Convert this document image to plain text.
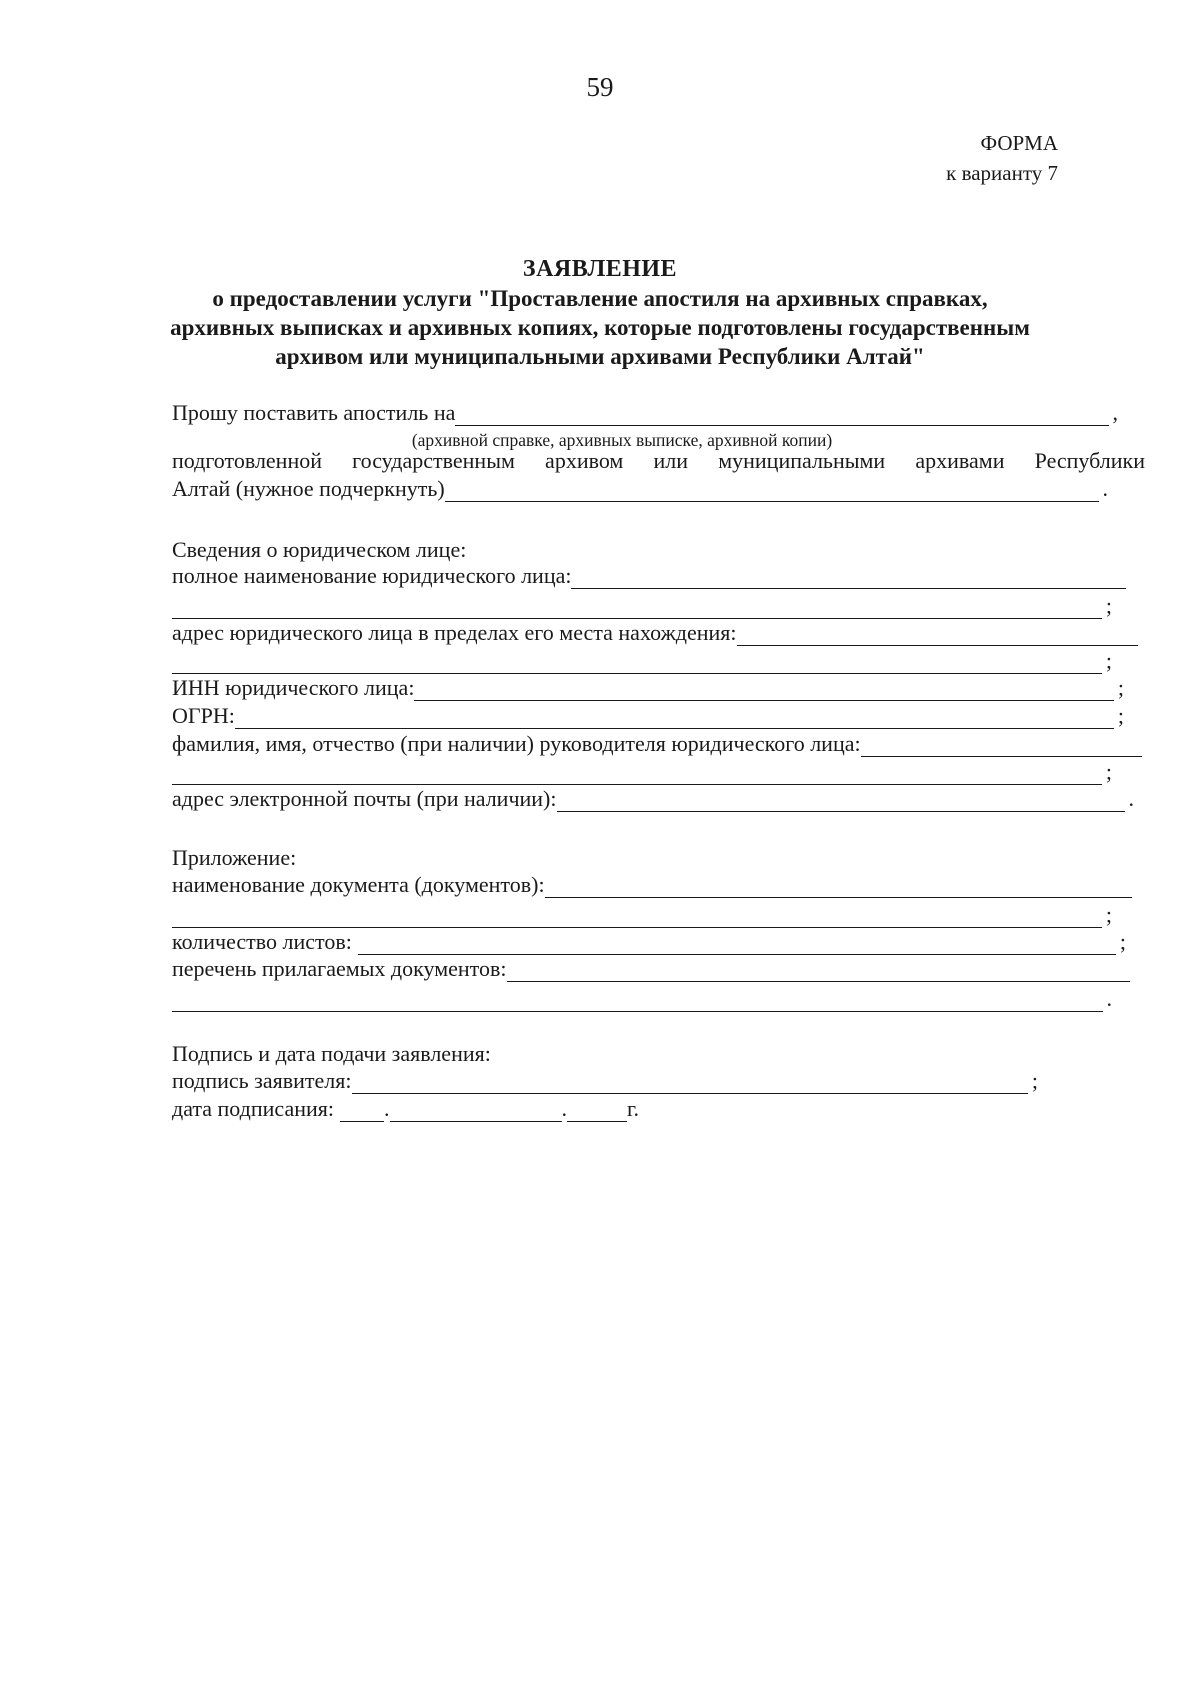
59
ФОРМА
к варианту 7
ЗАЯВЛЕНИЕ
о предоставлении услуги "Проставление апостиля на архивных справках,
архивных выписках и архивных копиях, которые подготовлены государственным
архивом или муниципальными архивами Республики Алтай"
Прошу поставить апостиль на	,
(архивной справке, архивных выписке, архивной копии)
подготовленной государственным архивом или муниципальными архивами Республики
Алтай (нужное подчеркнуть)	.
Сведения о юридическом лице:
полное наименование юридического лица:
;
адрес юридического лица в пределах его места нахождения:
;
ИНН юридического лица:	;
ОГРН:	;
фамилия, имя, отчество (при наличии) руководителя юридического лица:
;
адрес электронной почты (при наличии):	.
Приложение:
наименование документа (документов):
;
количество листов:	;
перечень прилагаемых документов:
.
Подпись и дата подачи заявления:
подпись заявителя:	;
дата подписания: .	.	г.
